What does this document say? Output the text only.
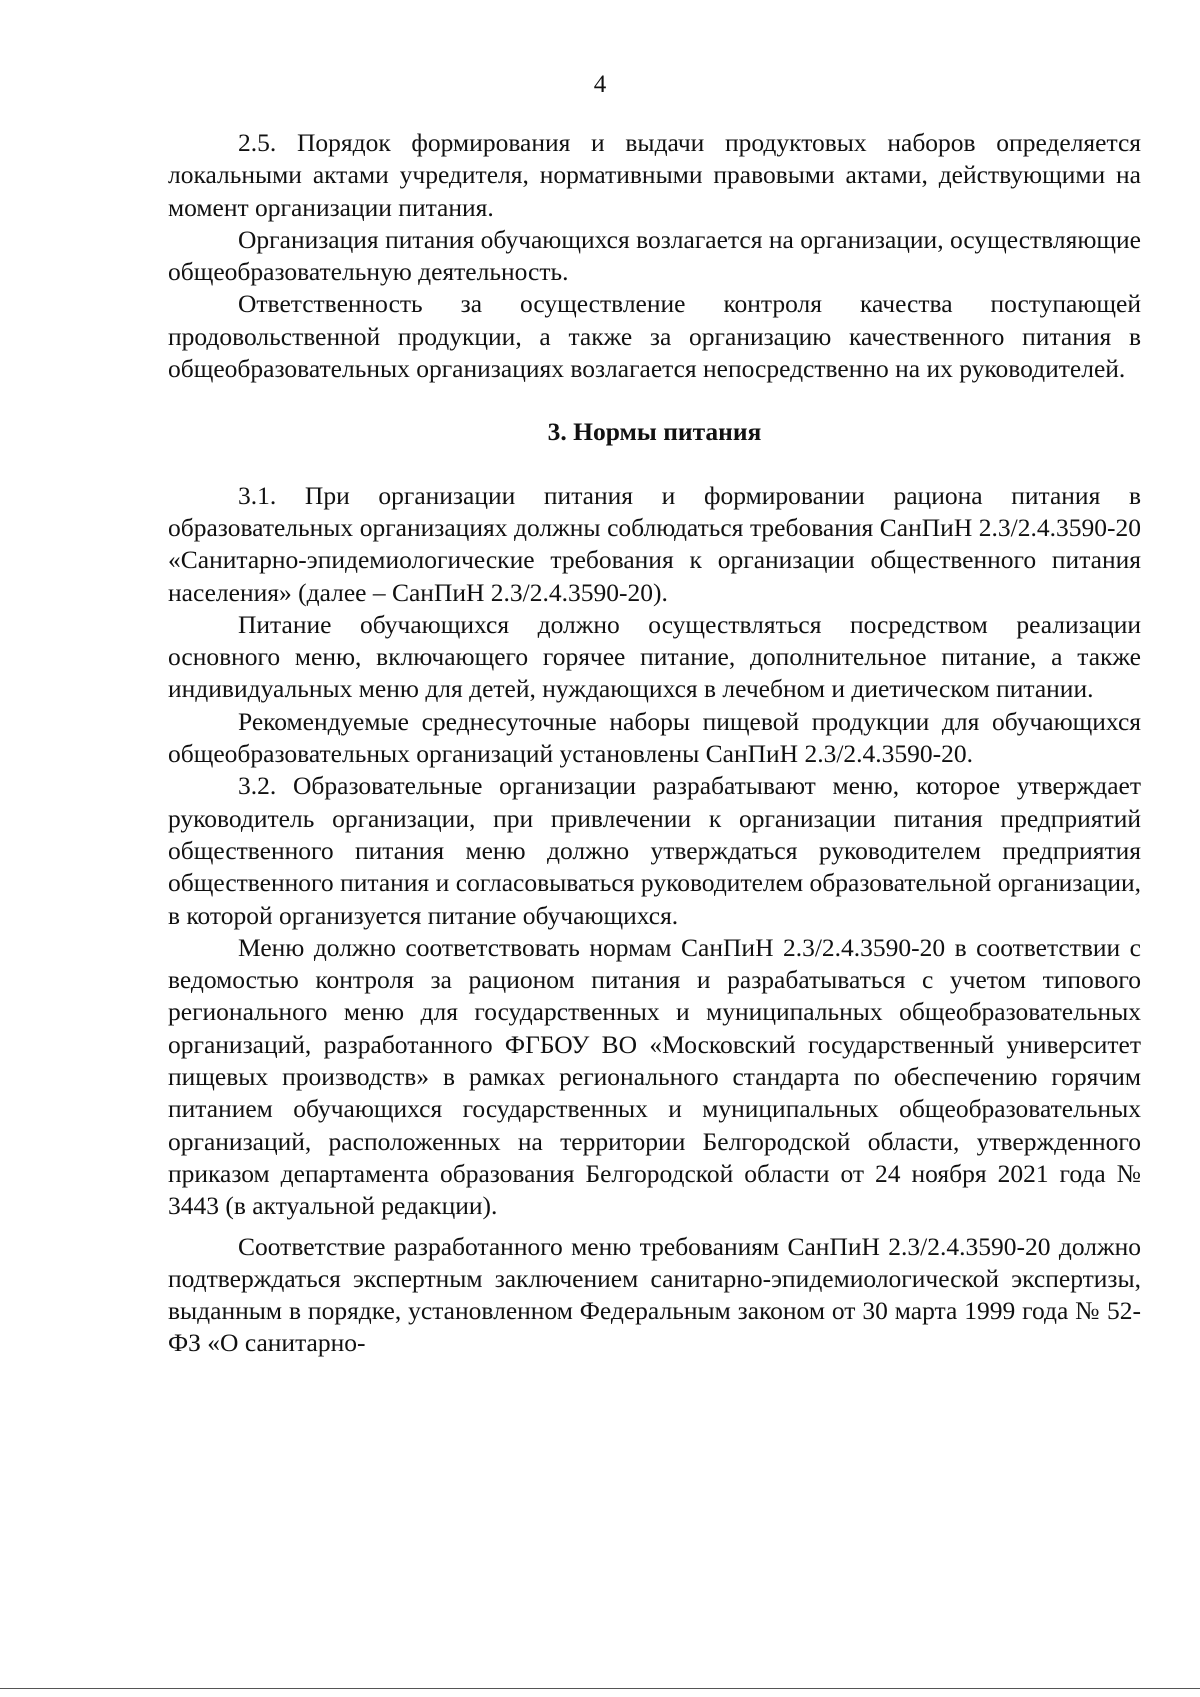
4

2.5. Порядок формирования и выдачи продуктовых наборов определяется локальными актами учредителя, нормативными правовыми актами, действующими на момент организации питания.

Организация питания обучающихся возлагается на организации, осуществляющие общеобразовательную деятельность.

Ответственность за осуществление контроля качества поступающей продовольственной продукции, а также за организацию качественного питания в общеобразовательных организациях возлагается непосредственно на их руководителей.

3. Нормы питания

3.1. При организации питания и формировании рациона питания в образовательных организациях должны соблюдаться требования СанПиН 2.3/2.4.3590-20 «Санитарно-эпидемиологические требования к организации общественного питания населения» (далее – СанПиН 2.3/2.4.3590-20).

Питание обучающихся должно осуществляться посредством реализации основного меню, включающего горячее питание, дополнительное питание, а также индивидуальных меню для детей, нуждающихся в лечебном и диетическом питании.

Рекомендуемые среднесуточные наборы пищевой продукции для обучающихся общеобразовательных организаций установлены СанПиН 2.3/2.4.3590-20.

3.2. Образовательные организации разрабатывают меню, которое утверждает руководитель организации, при привлечении к организации питания предприятий общественного питания меню должно утверждаться руководителем предприятия общественного питания и согласовываться руководителем образовательной организации, в которой организуется питание обучающихся.

Меню должно соответствовать нормам СанПиН 2.3/2.4.3590-20 в соответствии с ведомостью контроля за рационом питания и разрабатываться с учетом типового регионального меню для государственных и муниципальных общеобразовательных организаций, разработанного ФГБОУ ВО «Московский государственный университет пищевых производств» в рамках регионального стандарта по обеспечению горячим питанием обучающихся государственных и муниципальных общеобразовательных организаций, расположенных на территории Белгородской области, утвержденного приказом департамента образования Белгородской области от 24 ноября 2021 года № 3443 (в актуальной редакции).

Соответствие разработанного меню требованиям СанПиН 2.3/2.4.3590-20 должно подтверждаться экспертным заключением санитарно-эпидемиологической экспертизы, выданным в порядке, установленном Федеральным законом от 30 марта 1999 года № 52-ФЗ «О санитарно-
